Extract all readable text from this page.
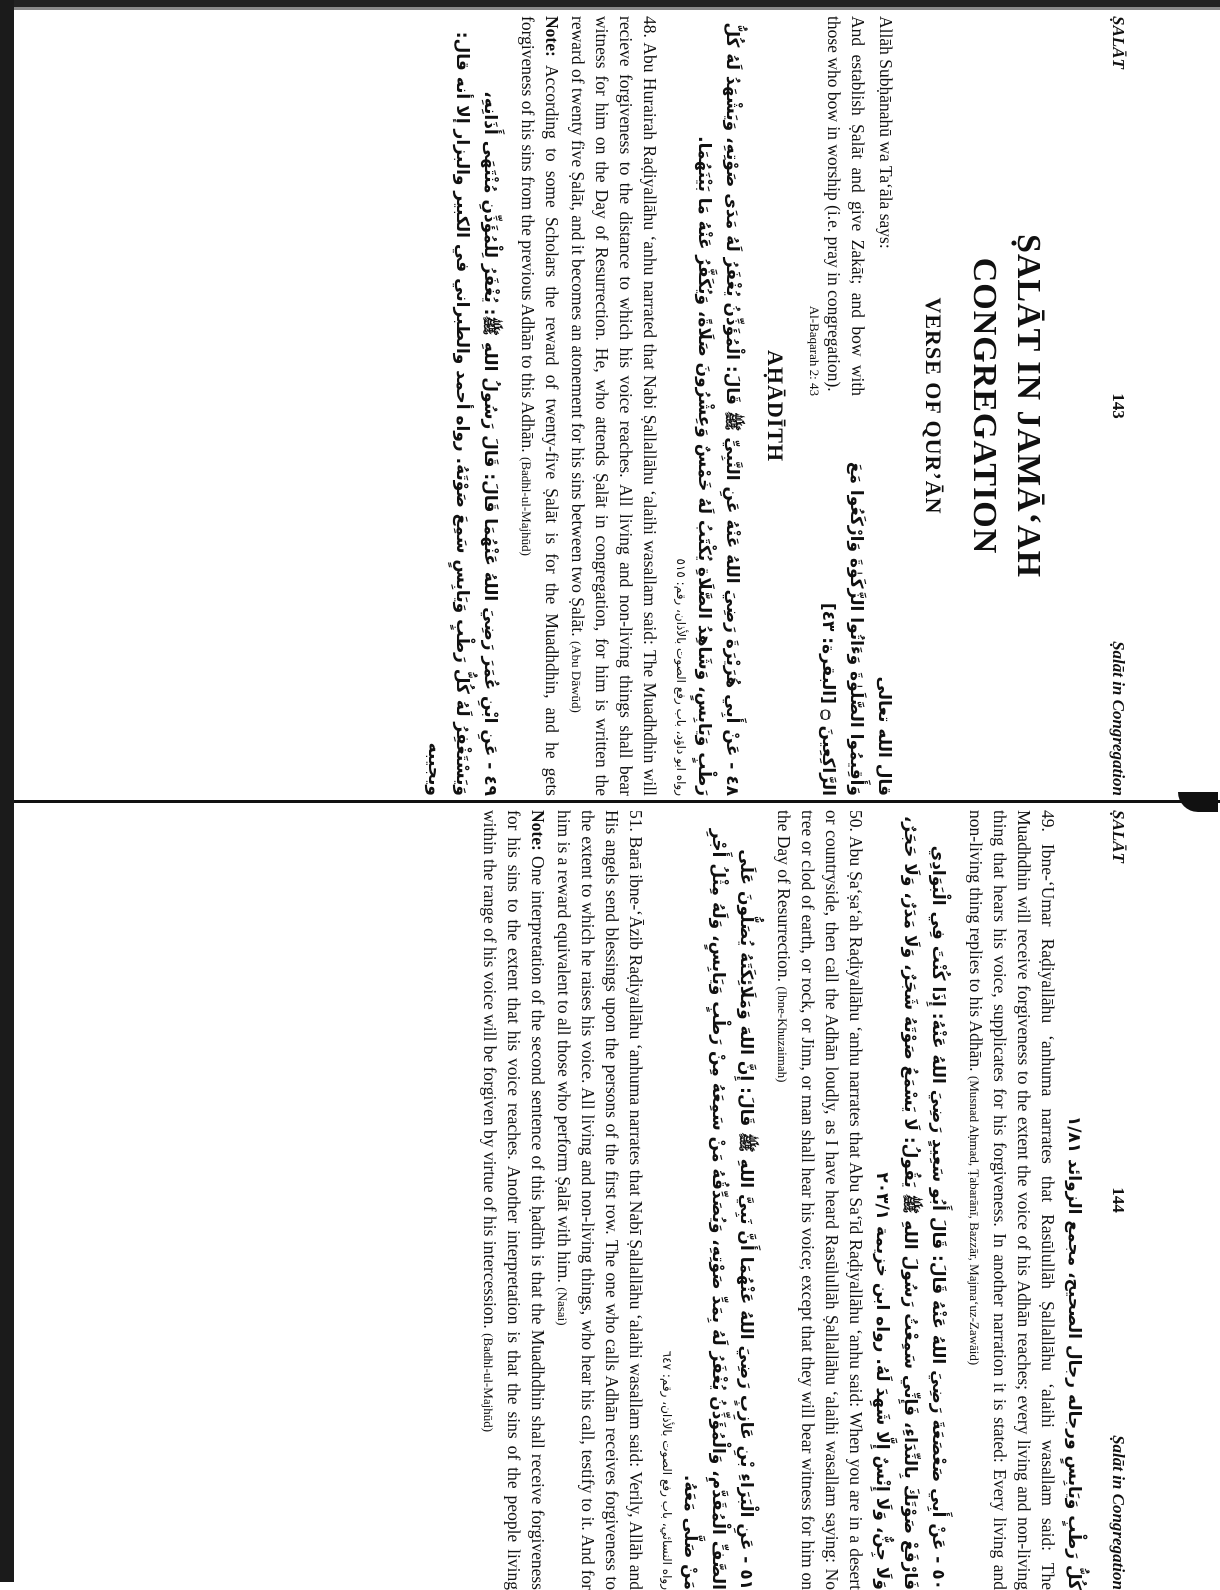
ṢALĀT
143
Ṣalāt in Congregation
ṢALĀT IN JAMĀ‘AH
CONGREGATION
VERSE OF QUR’ĀN
Allāh Subḥānahū wa Ta‘āla says:
And establish Ṣalāt and give Zakāt; and bow with those who bow in worship (i.e. pray in congregation).
Al-Baqarah 2: 43
قال الله تعالى
وَأَقِيمُوا الصَّلَوٰةَ وَءَاتُوا الزَّكَوٰةَ وَارْكَعُوا مَعَ الرَّاكِعِينَ ۝ [البقرة: ٤٣]
AḤĀDĪTH
٤٨ - عَنْ أَبِي هُرَيْرَةَ رَضِيَ اللهُ عَنْهُ عَنِ النَّبِيِّ ﷺ قَالَ: الْمُؤَذِّنُ يُغْفَرُ لَهُ مَدَى صَوْتِهِ، وَيَشْهَدُ لَهُ كُلُّ رَطْبٍ وَيَابِسٍ، وَشَاهِدُ الصَّلَاةِ يُكْتَبُ لَهُ خَمْسٌ وَعِشْرُونَ صَلَاةً، وَيُكَفَّرُ عَنْهُ مَا بَيْنَهُمَا.
رواه ابو داؤد، باب رفع الصوت بالأذان، رقم: ٥١٥
48. Abu Hurairah Raḍiyallāhu ‘anhu narrated that Nabi Ṣallallāhu ‘alaihi wasallam said: The Muadhdhin will recieve forgiveness to the distance to which his voice reaches. All living and non-living things shall bear witness for him on the Day of Resurrection. He, who attends Ṣalāt in congregation, for him is written the reward of twenty five Ṣalāt, and it becomes an atonement for his sins between two Ṣalāt. (Abu Dāwūd)
Note: According to some Scholars the reward of twenty-five Ṣalāt is for the Muadhdhin, and he gets forgiveness of his sins from the previous Adhān to this Adhān. (Badhl-ul-Majhūd)
٤٩ - عَنِ ابْنِ عُمَرَ رَضِيَ اللهُ عَنْهُمَا قَالَ: قَالَ رَسُولُ اللهِ ﷺ: يُغْفَرُ لِلْمُؤَذِّنِ مُنْتَهَى أَذَانِهِ، وَيَسْتَغْفِرُ لَهُ كُلُّ رَطْبٍ وَيَابِسٍ سَمِعَ صَوْتَهُ. رواه أحمد والطبراني في الكبير والبزار إلا أنه قال: ويجيبه
ṢALĀT
144
Ṣalāt in Congregation
كُلُّ رَطْبٍ وَيَابِسٍ ورجاله رجال الصحيح، مجمع الزوائد ١/٨١
49. Ibne-‘Umar Raḍiyallāhu ‘anhuma narrates that Rasūlullāh Ṣallallāhu ‘alaihi wasallam said: The Muadhdhin will receive forgiveness to the extent the voice of his Adhān reaches; every living and non-living thing that hears his voice, supplicates for his forgiveness. In another narration it is stated: Every living and non-living thing replies to his Adhān. (Musnad Aḥmad, Ṭabarānī, Bazzār, Majma‘uz-Zawāid)
٥٠ - عَنْ أَبِي صَعْصَعَةَ رَضِيَ اللهُ عَنْهُ قَالَ: قَالَ أَبُو سَعِيدٍ رَضِيَ اللهُ عَنْهُ: إِذَا كُنْتَ فِي الْبَوَادِي فَارْفَعْ صَوْتَكَ بِالنِّدَاءِ، فَإِنِّي سَمِعْتُ رَسُولَ اللهِ ﷺ يَقُولُ: لَا يَسْمَعُ صَوْتَهُ شَجَرٌ، وَلَا مَدَرٌ، وَلَا حَجَرٌ، وَلَا جِنٌّ، وَلَا إِنْسٌ إِلَّا شَهِدَ لَهُ. رواه ابن خزيمة ٢٠٣/١
50. Abu Ṣa‘ṣa‘ah Raḍiyallāhu ‘anhu narrates that Abu Sa‘īd Raḍiyallāhu ‘anhu said: When you are in a desert or countryside, then call the Adhān loudly, as I have heard Rasūlullāh Ṣallallāhu ‘alaihi wasallam saying: No tree or clod of earth, or rock, or Jinn, or man shall hear his voice; except that they will bear witness for him on the Day of Resurrection. (Ibne-Khuzaimah)
٥١ - عَنِ الْبَرَاءِ بْنِ عَازِبٍ رَضِيَ اللهُ عَنْهُمَا أَنَّ نَبِيَّ اللهِ ﷺ قَالَ: إِنَّ اللهَ وَمَلَائِكَتَهُ يُصَلُّونَ عَلَى الصَّفِّ الْمُقَدَّمِ، وَالْمُؤَذِّنُ يُغْفَرُ لَهُ بِمَدِّ صَوْتِهِ، وَيُصَدِّقُهُ مَنْ سَمِعَهُ مِنْ رَطْبٍ وَيَابِسٍ، وَلَهُ مِثْلُ أَجْرِ مَنْ صَلَّى مَعَهُ.
رواه النسائي، باب رفع الصوت بالأذان، رقم: ٦٤٧
51. Barā ibne-‘Āzib Raḍiyallāhu ‘anhuma narrates that Nabī Ṣallallāhu ‘alaihi wasallam said: Verily, Allāh and His angels send blessings upon the persons of the first row. The one who calls Adhān receives forgiveness to the extent to which he raises his voice. All living and non-living things, who hear his call, testify to it. And for him is a reward equivalent to all those who perform Ṣalāt with him. (Nasai)
Note: One interpretation of the second sentence of this ḥadīth is that the Muadhdhin shall receive forgiveness for his sins to the extent that his voice reaches. Another interpretation is that the sins of the people living within the range of his voice will be forgiven by virtue of his intercession. (Badhl-ul-Majhūd)
